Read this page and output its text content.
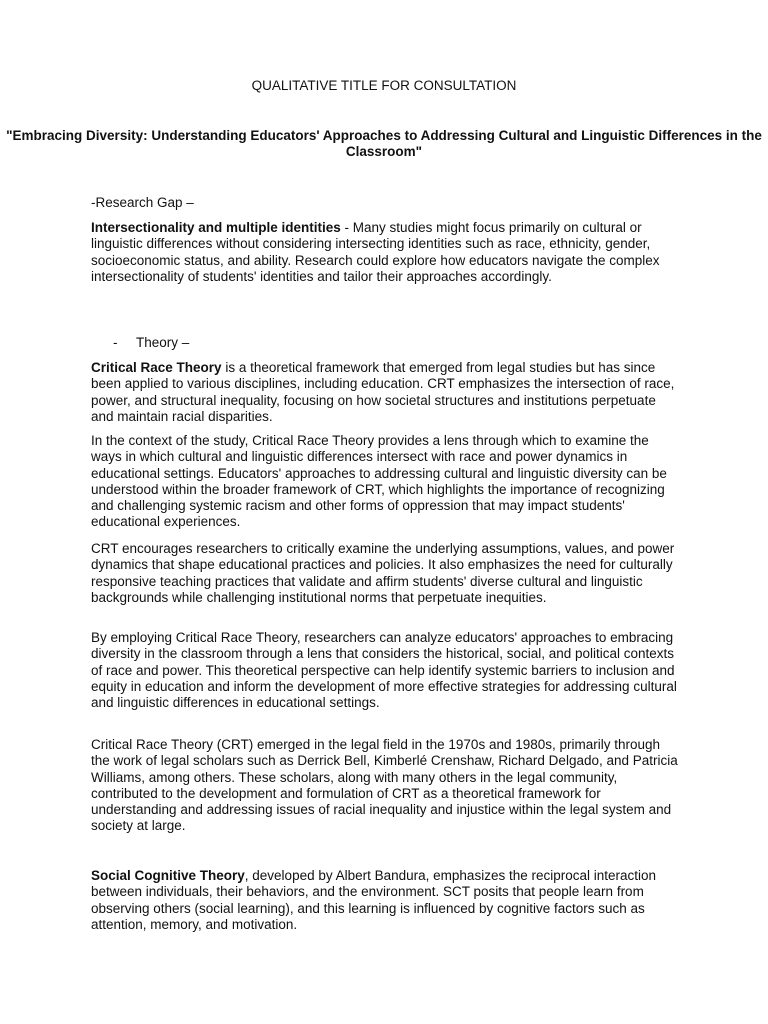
QUALITATIVE TITLE FOR CONSULTATION

"Embracing Diversity: Understanding Educators' Approaches to Addressing Cultural and Linguistic Differences in the Classroom"

-Research Gap –

Intersectionality and multiple identities - Many studies might focus primarily on cultural or linguistic differences without considering intersecting identities such as race, ethnicity, gender, socioeconomic status, and ability. Research could explore how educators navigate the complex intersectionality of students' identities and tailor their approaches accordingly.

- Theory –

Critical Race Theory is a theoretical framework that emerged from legal studies but has since been applied to various disciplines, including education. CRT emphasizes the intersection of race, power, and structural inequality, focusing on how societal structures and institutions perpetuate and maintain racial disparities.

In the context of the study, Critical Race Theory provides a lens through which to examine the ways in which cultural and linguistic differences intersect with race and power dynamics in educational settings. Educators' approaches to addressing cultural and linguistic diversity can be understood within the broader framework of CRT, which highlights the importance of recognizing and challenging systemic racism and other forms of oppression that may impact students' educational experiences.

CRT encourages researchers to critically examine the underlying assumptions, values, and power dynamics that shape educational practices and policies. It also emphasizes the need for culturally responsive teaching practices that validate and affirm students' diverse cultural and linguistic backgrounds while challenging institutional norms that perpetuate inequities.

By employing Critical Race Theory, researchers can analyze educators' approaches to embracing diversity in the classroom through a lens that considers the historical, social, and political contexts of race and power. This theoretical perspective can help identify systemic barriers to inclusion and equity in education and inform the development of more effective strategies for addressing cultural and linguistic differences in educational settings.

Critical Race Theory (CRT) emerged in the legal field in the 1970s and 1980s, primarily through the work of legal scholars such as Derrick Bell, Kimberlé Crenshaw, Richard Delgado, and Patricia Williams, among others. These scholars, along with many others in the legal community, contributed to the development and formulation of CRT as a theoretical framework for understanding and addressing issues of racial inequality and injustice within the legal system and society at large.

Social Cognitive Theory, developed by Albert Bandura, emphasizes the reciprocal interaction between individuals, their behaviors, and the environment. SCT posits that people learn from observing others (social learning), and this learning is influenced by cognitive factors such as attention, memory, and motivation.
